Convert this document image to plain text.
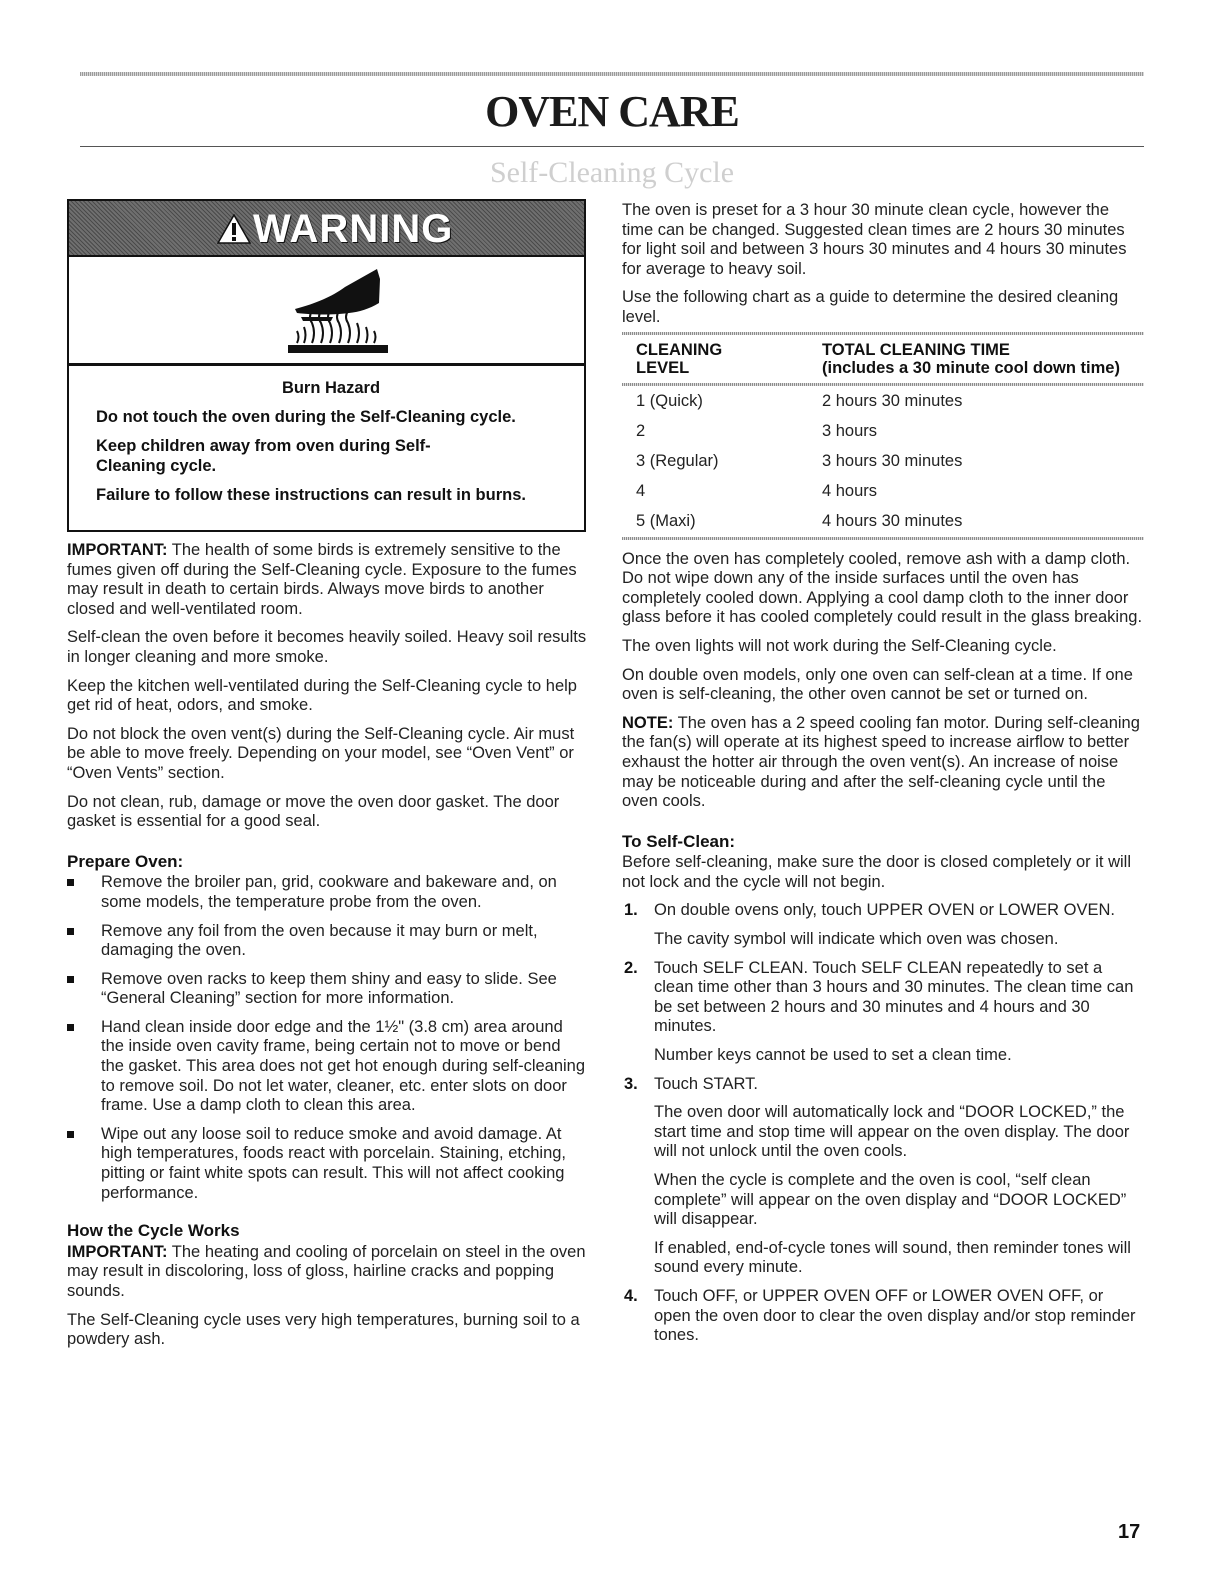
OVEN CARE
Self-Cleaning Cycle
WARNING
Burn Hazard

Do not touch the oven during the Self-Cleaning cycle.

Keep children away from oven during Self-Cleaning cycle.

Failure to follow these instructions can result in burns.

IMPORTANT: The health of some birds is extremely sensitive to the fumes given off during the Self-Cleaning cycle. Exposure to the fumes may result in death to certain birds. Always move birds to another closed and well-ventilated room.

Self-clean the oven before it becomes heavily soiled. Heavy soil results in longer cleaning and more smoke.

Keep the kitchen well-ventilated during the Self-Cleaning cycle to help get rid of heat, odors, and smoke.

Do not block the oven vent(s) during the Self-Cleaning cycle. Air must be able to move freely. Depending on your model, see “Oven Vent” or “Oven Vents” section.

Do not clean, rub, damage or move the oven door gasket. The door gasket is essential for a good seal.

Prepare Oven:
Remove the broiler pan, grid, cookware and bakeware and, on some models, the temperature probe from the oven.
Remove any foil from the oven because it may burn or melt, damaging the oven.
Remove oven racks to keep them shiny and easy to slide. See “General Cleaning” section for more information.
Hand clean inside door edge and the 1½" (3.8 cm) area around the inside oven cavity frame, being certain not to move or bend the gasket. This area does not get hot enough during self-cleaning to remove soil. Do not let water, cleaner, etc. enter slots on door frame. Use a damp cloth to clean this area.
Wipe out any loose soil to reduce smoke and avoid damage. At high temperatures, foods react with porcelain. Staining, etching, pitting or faint white spots can result. This will not affect cooking performance.
How the Cycle Works

IMPORTANT: The heating and cooling of porcelain on steel in the oven may result in discoloring, loss of gloss, hairline cracks and popping sounds.

The Self-Cleaning cycle uses very high temperatures, burning soil to a powdery ash.

The oven is preset for a 3 hour 30 minute clean cycle, however the time can be changed. Suggested clean times are 2 hours 30 minutes for light soil and between 3 hours 30 minutes and 4 hours 30 minutes for average to heavy soil.

Use the following chart as a guide to determine the desired cleaning level.

CLEANING
LEVEL	TOTAL CLEANING TIME
(includes a 30 minute cool down time)
1 (Quick)	2 hours 30 minutes
2	3 hours
3 (Regular)	3 hours 30 minutes
4	4 hours
5 (Maxi)	4 hours 30 minutes

Once the oven has completely cooled, remove ash with a damp cloth. Do not wipe down any of the inside surfaces until the oven has completely cooled down. Applying a cool damp cloth to the inner door glass before it has cooled completely could result in the glass breaking.

The oven lights will not work during the Self-Cleaning cycle.

On double oven models, only one oven can self-clean at a time. If one oven is self-cleaning, the other oven cannot be set or turned on.

NOTE: The oven has a 2 speed cooling fan motor. During self-cleaning the fan(s) will operate at its highest speed to increase airflow to better exhaust the hotter air through the oven vent(s). An increase of noise may be noticeable during and after the self-cleaning cycle until the oven cools.

To Self-Clean:

Before self-cleaning, make sure the door is closed completely or it will not lock and the cycle will not begin.

1. On double ovens only, touch UPPER OVEN or LOWER OVEN.

The cavity symbol will indicate which oven was chosen.

2. Touch SELF CLEAN. Touch SELF CLEAN repeatedly to set a clean time other than 3 hours and 30 minutes. The clean time can be set between 2 hours and 30 minutes and 4 hours and 30 minutes.

Number keys cannot be used to set a clean time.

3. Touch START.

The oven door will automatically lock and “DOOR LOCKED,” the start time and stop time will appear on the oven display. The door will not unlock until the oven cools.

When the cycle is complete and the oven is cool, “self clean complete” will appear on the oven display and “DOOR LOCKED” will disappear.

If enabled, end-of-cycle tones will sound, then reminder tones will sound every minute.

4. Touch OFF, or UPPER OVEN OFF or LOWER OVEN OFF, or open the oven door to clear the oven display and/or stop reminder tones.

17
